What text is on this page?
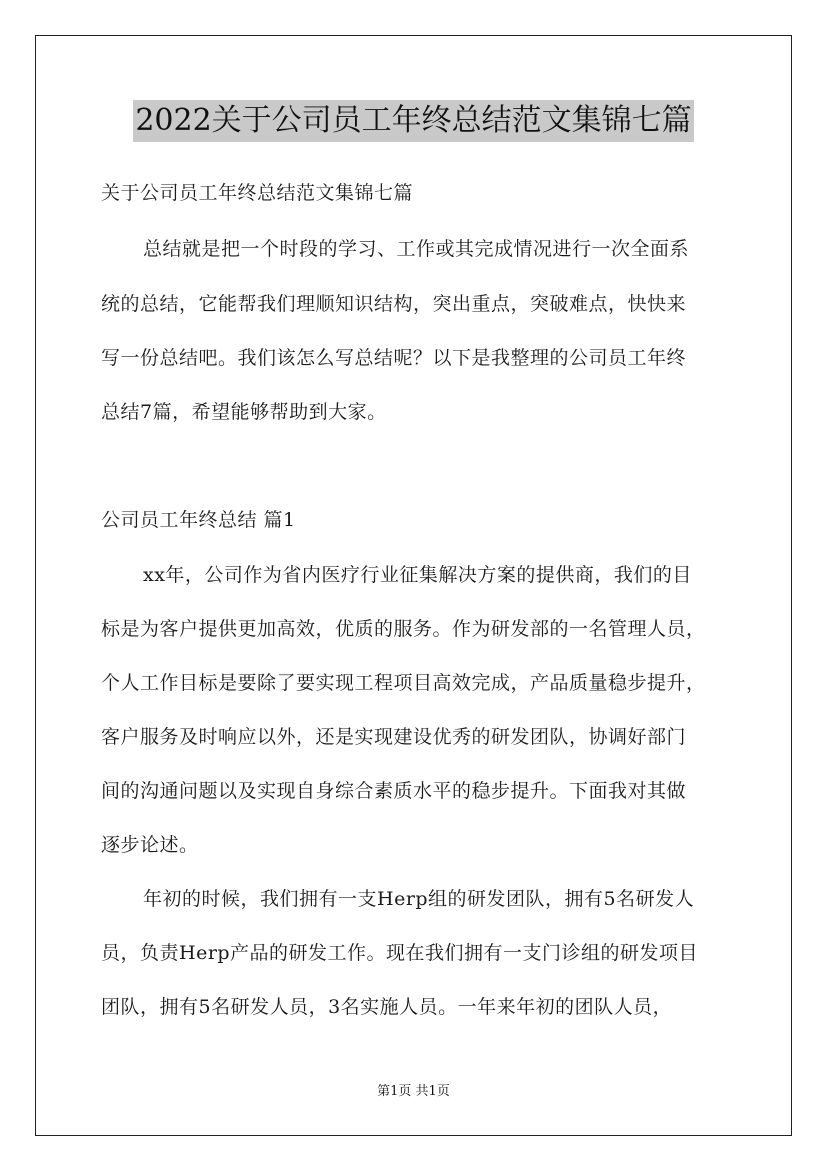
2022关于公司员工年终总结范文集锦七篇
关于公司员工年终总结范文集锦七篇
总结就是把一个时段的学习、工作或其完成情况进行一次全面系
统的总结，它能帮我们理顺知识结构，突出重点，突破难点，快快来
写一份总结吧。我们该怎么写总结呢？以下是我整理的公司员工年终
总结7篇，希望能够帮助到大家。
公司员工年终总结 篇1
xx年，公司作为省内医疗行业征集解决方案的提供商，我们的目
标是为客户提供更加高效，优质的服务。作为研发部的一名管理人员，
个人工作目标是要除了要实现工程项目高效完成，产品质量稳步提升，
客户服务及时响应以外，还是实现建设优秀的研发团队，协调好部门
间的沟通问题以及实现自身综合素质水平的稳步提升。下面我对其做
逐步论述。
年初的时候，我们拥有一支Herp组的研发团队，拥有5名研发人
员，负责Herp产品的研发工作。现在我们拥有一支门诊组的研发项目
团队，拥有5名研发人员，3名实施人员。一年来年初的团队人员，
第1页 共1页
